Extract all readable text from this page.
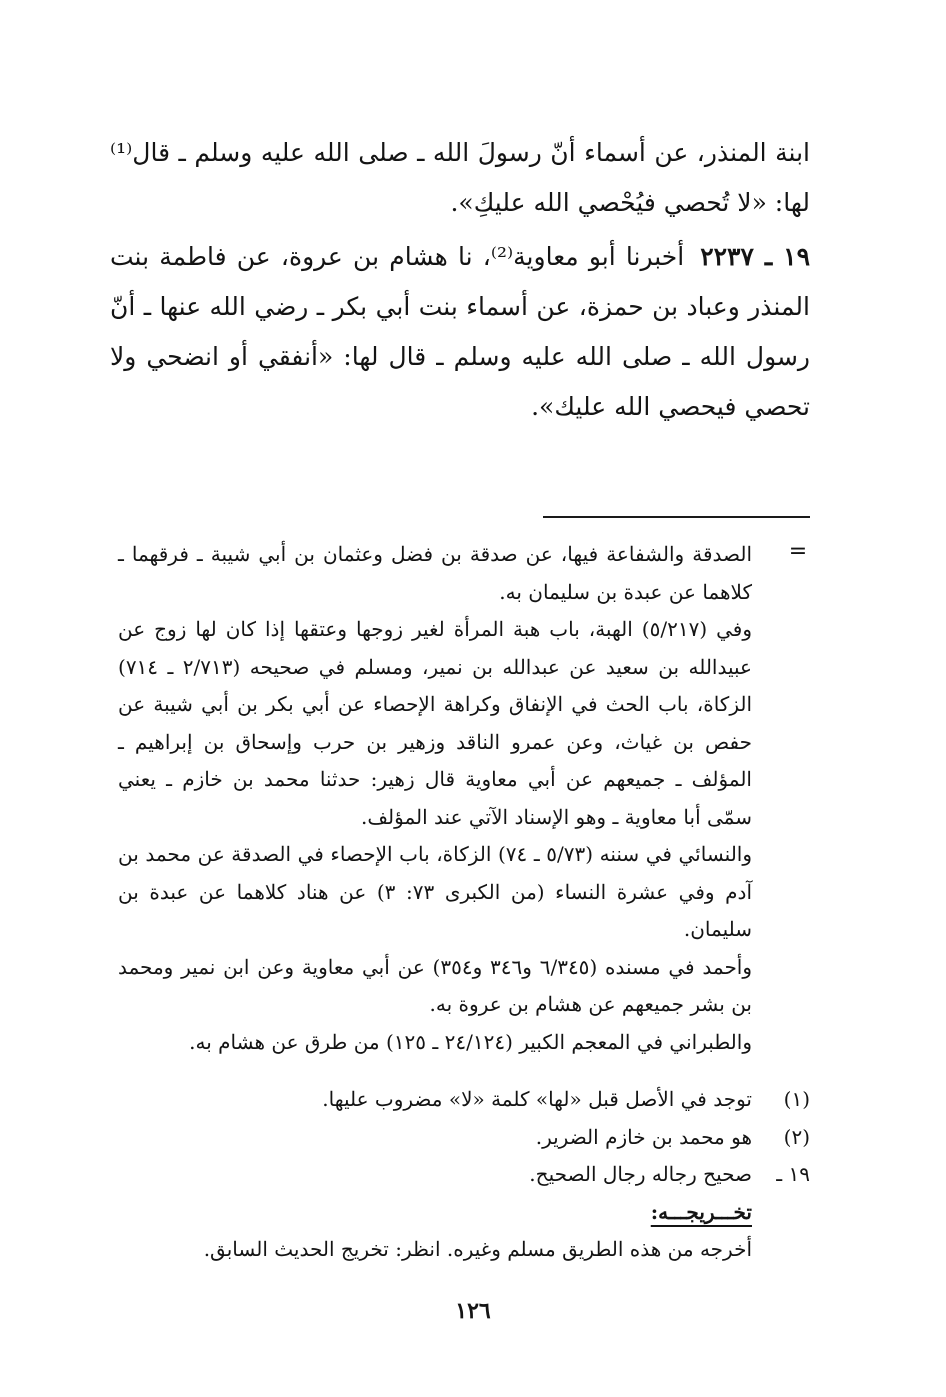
ابنة المنذر، عن أسماء أنّ رسولَ الله ـ صلى الله عليه وسلم ـ قال⁽¹⁾ لها: «لا تُحصي فيُحْصي الله عليكِ».

١٩ ـ ٢٢٣٧أخبرنا أبو معاوية⁽²⁾، نا هشام بن عروة، عن فاطمة بنت المنذر وعباد بن حمزة، عن أسماء بنت أبي بكر ـ رضي الله عنها ـ أنّ رسول الله ـ صلى الله عليه وسلم ـ قال لها: «أنفقي أو انضحي ولا تحصي فيحصي الله عليك».

=

الصدقة والشفاعة فيها، عن صدقة بن فضل وعثمان بن أبي شيبة ـ فرقهما ـ كلاهما عن عبدة بن سليمان به.

وفي (٥/٢١٧) الهبة، باب هبة المرأة لغير زوجها وعتقها إذا كان لها زوج عن عبيدالله بن سعيد عن عبدالله بن نمير، ومسلم في صحيحه (٢/٧١٣ ـ ٧١٤) الزكاة، باب الحث في الإنفاق وكراهة الإحصاء عن أبي بكر بن أبي شيبة عن حفص بن غياث، وعن عمرو الناقد وزهير بن حرب وإسحاق بن إبراهيم ـ المؤلف ـ جميعهم عن أبي معاوية قال زهير: حدثنا محمد بن خازم ـ يعني سمّى أبا معاوية ـ وهو الإسناد الآتي عند المؤلف.

والنسائي في سننه (٥/٧٣ ـ ٧٤) الزكاة، باب الإحصاء في الصدقة عن محمد بن آدم وفي عشرة النساء (من الكبرى ٧٣: ٣) عن هناد كلاهما عن عبدة بن سليمان.

وأحمد في مسنده (٦/٣٤٥ و٣٤٦ و٣٥٤) عن أبي معاوية وعن ابن نمير ومحمد بن بشر جميعهم عن هشام بن عروة به.

والطبراني في المعجم الكبير (٢٤/١٢٤ ـ ١٢٥) من طرق عن هشام به.

(١)
توجد في الأصل قبل «لها» كلمة «لا» مضروب عليها.
(٢)
هو محمد بن خازم الضرير.
١٩ ـ
صحيح رجاله رجال الصحيح.
تخـــريجـــه:
أخرجه من هذه الطريق مسلم وغيره. انظر: تخريج الحديث السابق.
١٢٦
